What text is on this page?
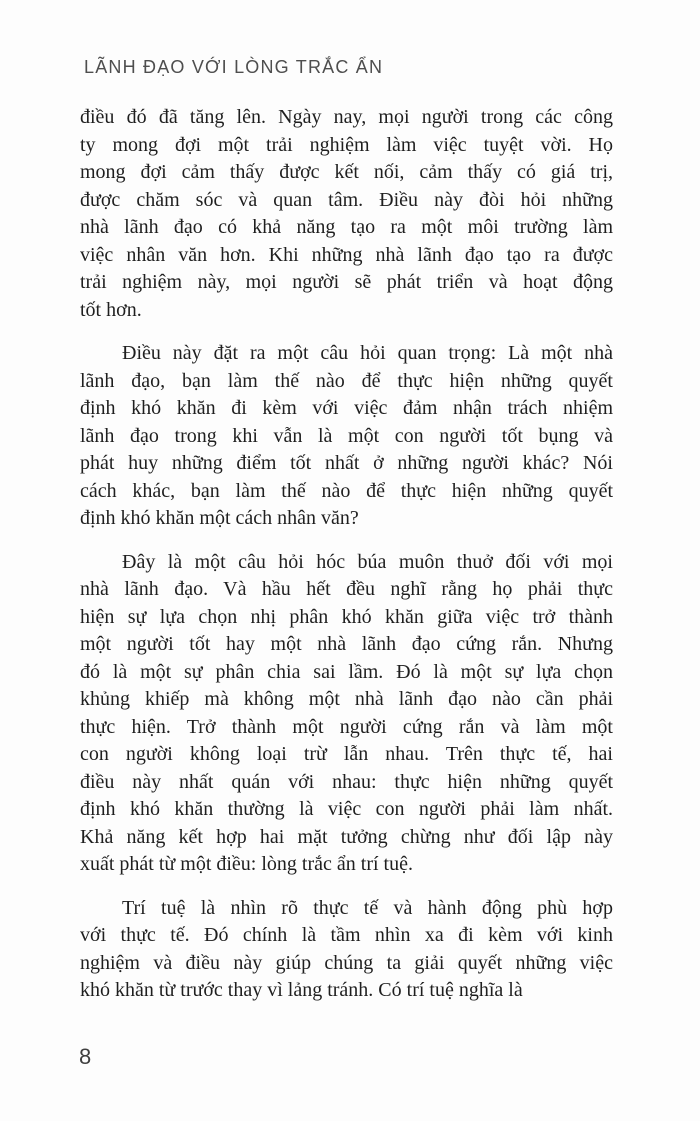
LÃNH ĐẠO VỚI LÒNG TRẮC ẨN
điều đó đã tăng lên. Ngày nay, mọi người trong các công
ty mong đợi một trải nghiệm làm việc tuyệt vời. Họ
mong đợi cảm thấy được kết nối, cảm thấy có giá trị,
được chăm sóc và quan tâm. Điều này đòi hỏi những
nhà lãnh đạo có khả năng tạo ra một môi trường làm
việc nhân văn hơn. Khi những nhà lãnh đạo tạo ra được
trải nghiệm này, mọi người sẽ phát triển và hoạt động
tốt hơn.
Điều này đặt ra một câu hỏi quan trọng: Là một nhà
lãnh đạo, bạn làm thế nào để thực hiện những quyết
định khó khăn đi kèm với việc đảm nhận trách nhiệm
lãnh đạo trong khi vẫn là một con người tốt bụng và
phát huy những điểm tốt nhất ở những người khác? Nói
cách khác, bạn làm thế nào để thực hiện những quyết
định khó khăn một cách nhân văn?
Đây là một câu hỏi hóc búa muôn thuở đối với mọi
nhà lãnh đạo. Và hầu hết đều nghĩ rằng họ phải thực
hiện sự lựa chọn nhị phân khó khăn giữa việc trở thành
một người tốt hay một nhà lãnh đạo cứng rắn. Nhưng
đó là một sự phân chia sai lầm. Đó là một sự lựa chọn
khủng khiếp mà không một nhà lãnh đạo nào cần phải
thực hiện. Trở thành một người cứng rắn và làm một
con người không loại trừ lẫn nhau. Trên thực tế, hai
điều này nhất quán với nhau: thực hiện những quyết
định khó khăn thường là việc con người phải làm nhất.
Khả năng kết hợp hai mặt tưởng chừng như đối lập này
xuất phát từ một điều: lòng trắc ẩn trí tuệ.
Trí tuệ là nhìn rõ thực tế và hành động phù hợp
với thực tế. Đó chính là tầm nhìn xa đi kèm với kinh
nghiệm và điều này giúp chúng ta giải quyết những việc
khó khăn từ trước thay vì lảng tránh. Có trí tuệ nghĩa là
8
